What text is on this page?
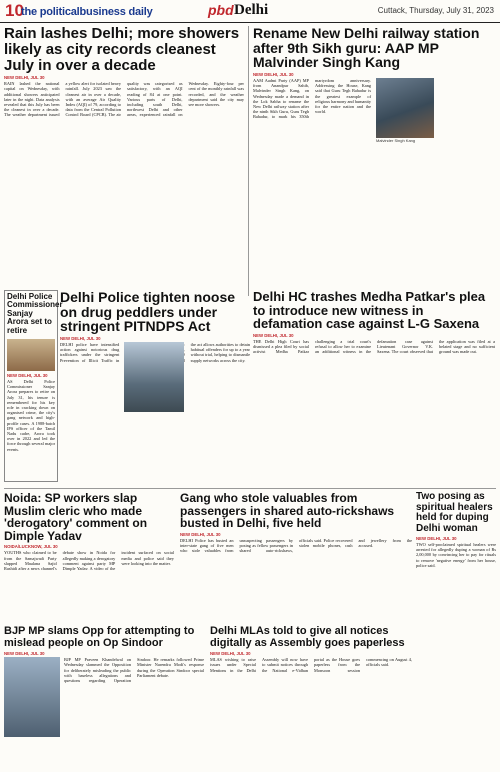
10
the politicalbusiness daily	pbd Delhi	Cuttack, Thursday, July 31, 2023
Rain lashes Delhi; more showers likely as city records cleanest July in over a decade
NEW DELHI, JUL 30
RAIN lashed the national capital on Wednesday, with additional showers anticipated later in the night. Data analysis revealed that this July has been the cleanest in over a decade. The weather department issued a yellow alert for isolated heavy rainfall. July 2023 saw the cleanest air in over a decade, with an average Air Quality Index (AQI) of 79, according to data from the Central Pollution Control Board (CPCB). The air quality was categorised as satisfactory, with an AQI reading of 84 at one point. Various parts of Delhi, including south Delhi, northwest Delhi and other areas, experienced rainfall on Wednesday. Eighty-four per cent of the monthly rainfall was recorded, and the weather department said the city may see more showers.
Rename New Delhi railway station after 9th Sikh guru: AAP MP Malvinder Singh Kang
NEW DELHI, JUL 30
AAM Aadmi Party (AAP) MP from Anandpur Sahib, Malvinder Singh Kang, on Wednesday made a demand in the Lok Sabha to rename the New Delhi railway station after the ninth Sikh Guru, Guru Tegh Bahadur, to mark his 350th martyrdom anniversary. Addressing the House, Kang said that Guru Tegh Bahadur is the greatest example of religious harmony and humanity for the entire nation and the world.
Malvinder Singh Kang
Delhi Police Commissioner Sanjay Arora set to retire
NEW DELHI, JUL 30
AS Delhi Police Commissioner Sanjay Arora prepares to retire on July 31, his tenure is remembered for his key role in cracking down on organised crime, the city's gang network and high-profile cases. A 1988-batch IPS officer of the Tamil Nadu cadre, Arora took over in 2022 and led the force through several major events.
Delhi Police tighten noose on drug peddlers under stringent PITNDPS Act
NEW DELHI, JUL 30
DELHI police have intensified action against notorious drug traffickers under the stringent Prevention of Illicit Traffic in the act allows authorities to detain habitual offenders for up to a year without trial, helping to dismantle supply networks across the city.
Delhi HC trashes Medha Patkar's plea to introduce new witness in defamation case against L-G Saxena
NEW DELHI, JUL 30
THE Delhi High Court has dismissed a plea filed by social activist Medha Patkar challenging a trial court's refusal to allow her to examine an additional witness in the defamation case against Lieutenant Governor V.K. Saxena. The court observed that the application was filed at a belated stage and no sufficient ground was made out.
Noida: SP workers slap Muslim cleric who made 'derogatory' comment on Dimple Yadav
NOIDA/LUCKNOW, JUL 30
YOUTHS who claimed to be from the Samajwadi Party slapped Maulana Sajid Rashidi after a news channel's debate show in Noida for allegedly making a derogatory comment against party MP Dimple Yadav. A video of the incident surfaced on social media and police said they were looking into the matter.
Gang who stole valuables from passengers in shared auto-rickshaws busted in Delhi, five held
NEW DELHI, JUL 30
DELHI Police has busted an inter-state gang of five men who stole valuables from unsuspecting passengers by posing as fellow passengers in shared auto-rickshaws, officials said. Police recovered stolen mobile phones, cash and jewellery from the accused.
Two posing as spiritual healers held for duping Delhi woman
NEW DELHI, JUL 30
TWO self-proclaimed spiritual healers were arrested for allegedly duping a woman of Rs 2,00,000 by convincing her to pay for rituals to remove 'negative energy' from her house, police said.
BJP MP slams Opp for attempting to mislead people on Op Sindoor
NEW DELHI, JUL 30
BJP MP Praveen Khandelwal on Wednesday slammed the Opposition for deliberately misleading the public with baseless allegations and questions regarding Operation Sindoor. He remarks followed Prime Minister Narendra Modi's response during the Operation Sindoor special Parliament debate.
Delhi MLAs told to give all notices digitally as Assembly goes paperless
NEW DELHI, JUL 30
MLAS wishing to raise issues under Special Mentions in the Delhi Assembly will now have to submit notices through the National e-Vidhan portal as the House goes paperless from the Monsoon session commencing on August 4, officials said.
